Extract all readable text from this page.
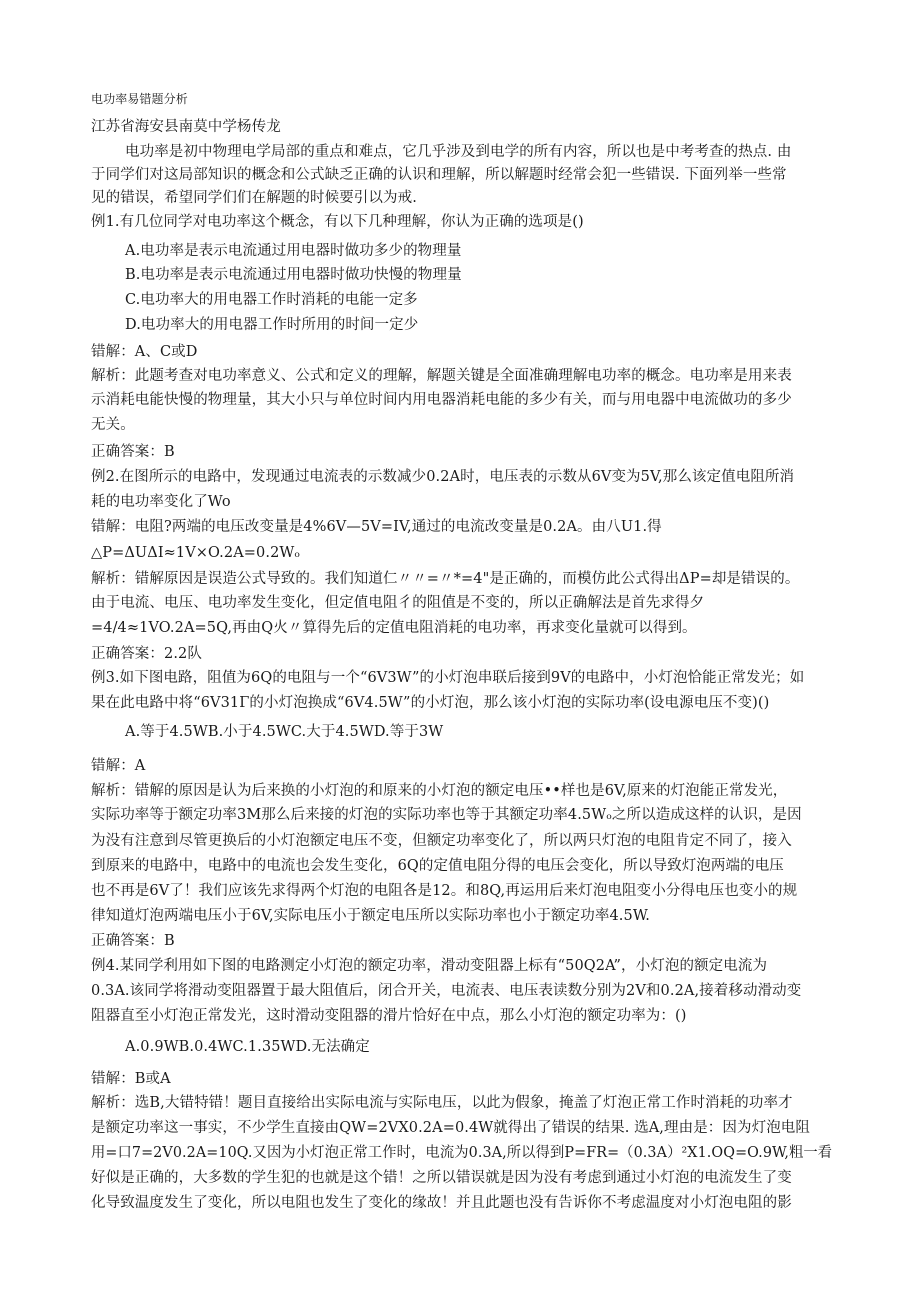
电功率易错题分析
江苏省海安县南莫中学杨传龙
电功率是初中物理电学局部的重点和难点，它几乎涉及到电学的所有内容，所以也是中考考查的热点. 由
于同学们对这局部知识的概念和公式缺乏正确的认识和理解，所以解题时经常会犯一些错误. 下面列举一些常
见的错误，希望同学们们在解题的时候要引以为戒.
例1.有几位同学对电功率这个概念，有以下几种理解，你认为正确的选项是()
A.电功率是表示电流通过用电器时做功多少的物理量
B.电功率是表示电流通过用电器时做功快慢的物理量
C.电功率大的用电器工作时消耗的电能一定多
D.电功率大的用电器工作时所用的时间一定少
错解：A、C或D
解析：此题考查对电功率意义、公式和定义的理解，解题关键是全面准确理解电功率的概念。电功率是用来表
示消耗电能快慢的物理量，其大小只与单位时间内用电器消耗电能的多少有关，而与用电器中电流做功的多少
无关。
正确答案：B
例2.在图所示的电路中，发现通过电流表的示数减少0.2A时，电压表的示数从6V变为5V,那么该定值电阻所消
耗的电功率变化了Wo
错解：电阻?两端的电压改变量是4%6V—5V=IV,通过的电流改变量是0.2A。由八U1.得
△P=ΔUΔI≈1V×O.2A=0.2Wₒ
解析：错解原因是误造公式导致的。我们知道仁〃〃=〃*=4"是正确的，而模仿此公式得出ΔP=却是错误的。
由于电流、电压、电功率发生变化，但定值电阻彳的阻值是不变的，所以正确解法是首先求得夕
=4/4≈1VO.2A=5Q,再由Q火〃算得先后的定值电阻消耗的电功率，再求变化量就可以得到。
正确答案：2.2队
例3.如下图电路，阻值为6Q的电阻与一个“6V3W”的小灯泡串联后接到9V的电路中，小灯泡恰能正常发光；如
果在此电路中将“6V31Γ的小灯泡换成“6V4.5W”的小灯泡，那么该小灯泡的实际功率(设电源电压不变)()
A.等于4.5WB.小于4.5WC.大于4.5WD.等于3W
错解：A
解析：错解的原因是认为后来换的小灯泡的和原来的小灯泡的额定电压••样也是6V,原来的灯泡能正常发光，
实际功率等于额定功率3M那么后来接的灯泡的实际功率也等于其额定功率4.5Wₒ之所以造成这样的认识，是因
为没有注意到尽管更换后的小灯泡额定电压不变，但额定功率变化了，所以两只灯泡的电阻肯定不同了，接入
到原来的电路中，电路中的电流也会发生变化，6Q的定值电阻分得的电压会变化，所以导致灯泡两端的电压
也不再是6V了！我们应该先求得两个灯泡的电阻各是12。和8Q,再运用后来灯泡电阻变小分得电压也变小的规
律知道灯泡两端电压小于6V,实际电压小于额定电压所以实际功率也小于额定功率4.5W.
正确答案：B
例4.某同学利用如下图的电路测定小灯泡的额定功率，滑动变阻器上标有“50Q2A”，小灯泡的额定电流为
0.3A.该同学将滑动变阻器置于最大阻值后，闭合开关，电流表、电压表读数分别为2V和0.2A,接着移动滑动变
阻器直至小灯泡正常发光，这时滑动变阻器的滑片恰好在中点，那么小灯泡的额定功率为：()
A.0.9WB.0.4WC.1.35WD.无法确定
错解：B或A
解析：选B,大错特错！题目直接给出实际电流与实际电压，以此为假象，掩盖了灯泡正常工作时消耗的功率才
是额定功率这一事实，不少学生直接由QW=2VX0.2A=0.4W就得出了错误的结果. 选A,理由是：因为灯泡电阻
用=口7=2V0.2A=10Q.又因为小灯泡正常工作时，电流为0.3A,所以得到P=FR=（0.3A）²X1.OQ=O.9W,粗一看
好似是正确的，大多数的学生犯的也就是这个错！之所以错误就是因为没有考虑到通过小灯泡的电流发生了变
化导致温度发生了变化，所以电阻也发生了变化的缘故！并且此题也没有告诉你不考虑温度对小灯泡电阻的影
